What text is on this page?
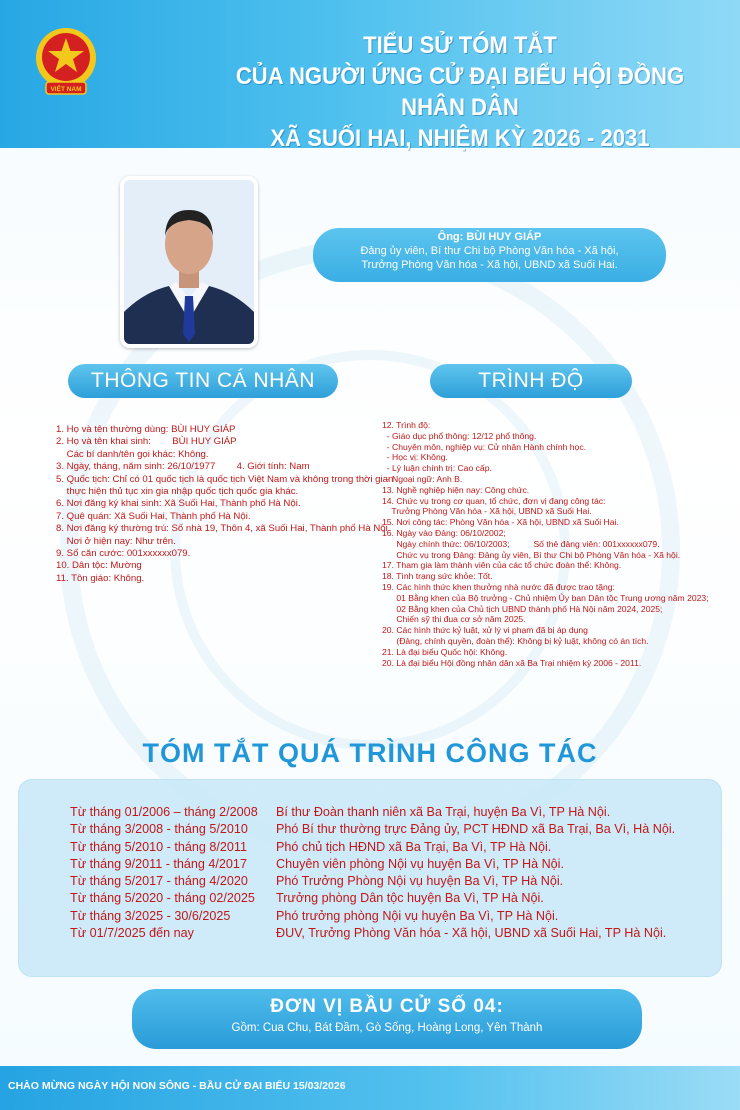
VIỆT NAM
TIỂU SỬ TÓM TẮT
CỦA NGƯỜI ỨNG CỬ ĐẠI BIỂU HỘI ĐỒNG NHÂN DÂN
XÃ SUỐI HAI, NHIỆM KỲ 2026 - 2031
Ông: BÙI HUY GIÁP
Đảng ủy viên, Bí thư Chi bộ Phòng Văn hóa - Xã hội,
Trưởng Phòng Văn hóa - Xã hội, UBND xã Suối Hai.
THÔNG TIN CÁ NHÂN	TRÌNH ĐỘ
1. Họ và tên thường dùng: BÙI HUY GIÁP
2. Họ và tên khai sinh:        BÙI HUY GIÁP
Các bí danh/tên gọi khác: Không.
3. Ngày, tháng, năm sinh: 26/10/1977        4. Giới tính: Nam
5. Quốc tịch: Chỉ có 01 quốc tịch là quốc tịch Việt Nam và không trong thời gian
thực hiện thủ tục xin gia nhập quốc tịch quốc gia khác.
6. Nơi đăng ký khai sinh: Xã Suối Hai, Thành phố Hà Nội.
7. Quê quán: Xã Suối Hai, Thành phố Hà Nội.
8. Nơi đăng ký thường trú: Số nhà 19, Thôn 4, xã Suối Hai, Thành phố Hà Nội.
Nơi ở hiện nay: Như trên.
9. Số căn cước: 001xxxxxx079.
10. Dân tộc: Mường
11. Tôn giáo: Không.
12. Trình độ:
- Giáo dục phổ thông: 12/12 phổ thông.
- Chuyên môn, nghiệp vụ: Cử nhân Hành chính học.
- Học vị: Không.
- Lý luận chính trị: Cao cấp.
- Ngoại ngữ: Anh B.
13. Nghề nghiệp hiện nay: Công chức.
14. Chức vụ trong cơ quan, tổ chức, đơn vị đang công tác:
Trưởng Phòng Văn hóa - Xã hội, UBND xã Suối Hai.
15. Nơi công tác: Phòng Văn hóa - Xã hội, UBND xã Suối Hai.
16. Ngày vào Đảng: 06/10/2002;
Ngày chính thức: 06/10/2003;          Số thẻ đảng viên: 001xxxxxx079.
Chức vụ trong Đảng: Đảng ủy viên, Bí thư Chi bộ Phòng Văn hóa - Xã hội.
17. Tham gia làm thành viên của các tổ chức đoàn thể: Không.
18. Tình trạng sức khỏe: Tốt.
19. Các hình thức khen thưởng nhà nước đã được trao tặng:
01 Bằng khen của Bộ trưởng - Chủ nhiệm Ủy ban Dân tộc Trung ương năm 2023;
02 Bằng khen của Chủ tịch UBND thành phố Hà Nội năm 2024, 2025;
Chiến sỹ thi đua cơ sở năm 2025.
20. Các hình thức kỷ luật, xử lý vi phạm đã bị áp dụng
(Đảng, chính quyền, đoàn thể): Không bị kỷ luật, không có án tích.
21. Là đại biểu Quốc hội: Không.
20. Là đại biểu Hội đồng nhân dân xã Ba Trại nhiệm kỳ 2006 - 2011.
TÓM TẮT QUÁ TRÌNH CÔNG TÁC
Từ tháng 01/2006 – tháng 2/2008 Bí thư Đoàn thanh niên xã Ba Trại, huyện Ba Vì, TP Hà Nội.
Từ tháng 3/2008 - tháng 5/2010 Phó Bí thư thường trực Đảng ủy, PCT HĐND xã Ba Trại, Ba Vì, Hà Nội.
Từ tháng 5/2010 - tháng 8/2011 Phó chủ tịch HĐND xã Ba Trại, Ba Vì, TP Hà Nội.
Từ tháng 9/2011 - tháng 4/2017 Chuyên viên phòng Nội vụ huyện Ba Vì, TP Hà Nội.
Từ tháng 5/2017 - tháng 4/2020 Phó Trưởng Phòng Nội vụ huyện Ba Vì, TP Hà Nội.
Từ tháng 5/2020 - tháng 02/2025 Trưởng phòng Dân tộc huyện Ba Vì, TP Hà Nội.
Từ tháng 3/2025 - 30/6/2025	Phó trưởng phòng Nội vụ huyện Ba Vì, TP Hà Nội.
Từ 01/7/2025 đến nay	ĐUV, Trưởng Phòng Văn hóa - Xã hội, UBND xã Suối Hai, TP Hà Nội.
ĐƠN VỊ BẦU CỬ SỐ 04:
Gồm: Cua Chu, Bát Đầm, Gò Sống, Hoàng Long, Yên Thành
CHÀO MỪNG NGÀY HỘI NON SÔNG - BẦU CỬ ĐẠI BIỂU 15/03/2026
